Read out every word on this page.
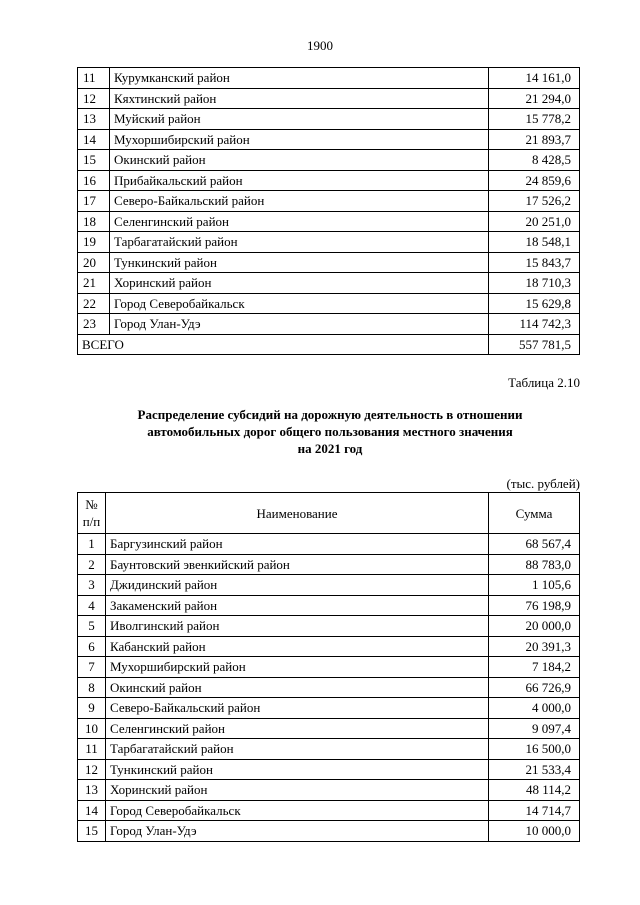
1900
11	Курумканский район	14 161,0
12	Кяхтинский район	21 294,0
13	Муйский район	15 778,2
14	Мухоршибирский район	21 893,7
15	Окинский район	8 428,5
16	Прибайкальский район	24 859,6
17	Северо-Байкальский район	17 526,2
18	Селенгинский район	20 251,0
19	Тарбагатайский район	18 548,1
20	Тункинский район	15 843,7
21	Хоринский район	18 710,3
22	Город Северобайкальск	15 629,8
23	Город Улан-Удэ	114 742,3
ВСЕГО		557 781,5
Таблица 2.10
Распределение субсидий на дорожную деятельность в отношении
автомобильных дорог общего пользования местного значения
на 2021 год
(тыс. рублей)
№
п/п	Наименование	Сумма
1	Баргузинский район	68 567,4
2	Баунтовский эвенкийский район	88 783,0
3	Джидинский район	1 105,6
4	Закаменский район	76 198,9
5	Иволгинский район	20 000,0
6	Кабанский район	20 391,3
7	Мухоршибирский район	7 184,2
8	Окинский район	66 726,9
9	Северо-Байкальский район	4 000,0
10	Селенгинский район	9 097,4
11	Тарбагатайский район	16 500,0
12	Тункинский район	21 533,4
13	Хоринский район	48 114,2
14	Город Северобайкальск	14 714,7
15	Город Улан-Удэ	10 000,0
